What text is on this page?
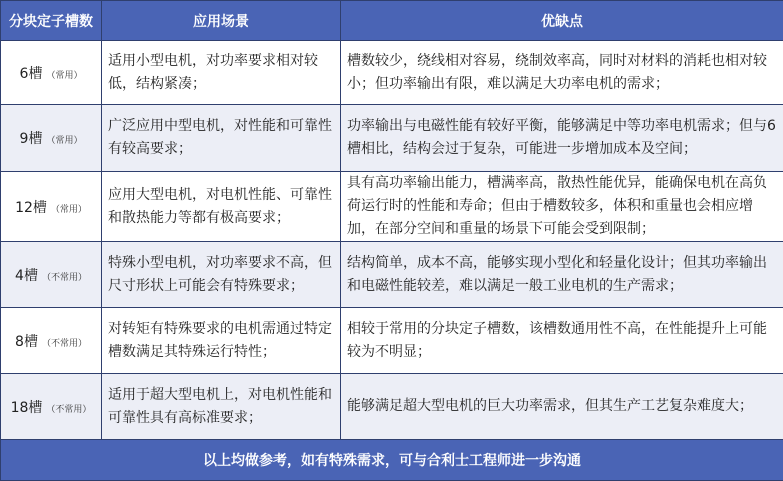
分块定子槽数	应用场景	优缺点
6槽 （常用）	适用小型电机，对功率要求相对较低，结构紧凑；	槽数较少，绕线相对容易，绕制效率高，同时对材料的消耗也相对较小；但功率输出有限，难以满足大功率电机的需求；
9槽 （常用）	广泛应用中型电机，对性能和可靠性有较高要求；	功率输出与电磁性能有较好平衡，能够满足中等功率电机需求；但与6槽相比，结构会过于复杂，可能进一步增加成本及空间；
12槽 （常用）	应用大型电机，对电机性能、可靠性和散热能力等都有极高要求；	具有高功率输出能力，槽满率高，散热性能优异，能确保电机在高负荷运行时的性能和寿命；但由于槽数较多，体积和重量也会相应增加，在部分空间和重量的场景下可能会受到限制；
4槽 （不常用）	特殊小型电机，对功率要求不高，但尺寸形状上可能会有特殊要求；	结构简单，成本不高，能够实现小型化和轻量化设计；但其功率输出和电磁性能较差，难以满足一般工业电机的生产需求；
8槽 （不常用）	对转矩有特殊要求的电机需通过特定槽数满足其特殊运行特性；	相较于常用的分块定子槽数，该槽数通用性不高，在性能提升上可能较为不明显；
18槽 （不常用）	适用于超大型电机上，对电机性能和可靠性具有高标准要求；	能够满足超大型电机的巨大功率需求，但其生产工艺复杂难度大；
以上均做参考，如有特殊需求，可与合利士工程师进一步沟通		
